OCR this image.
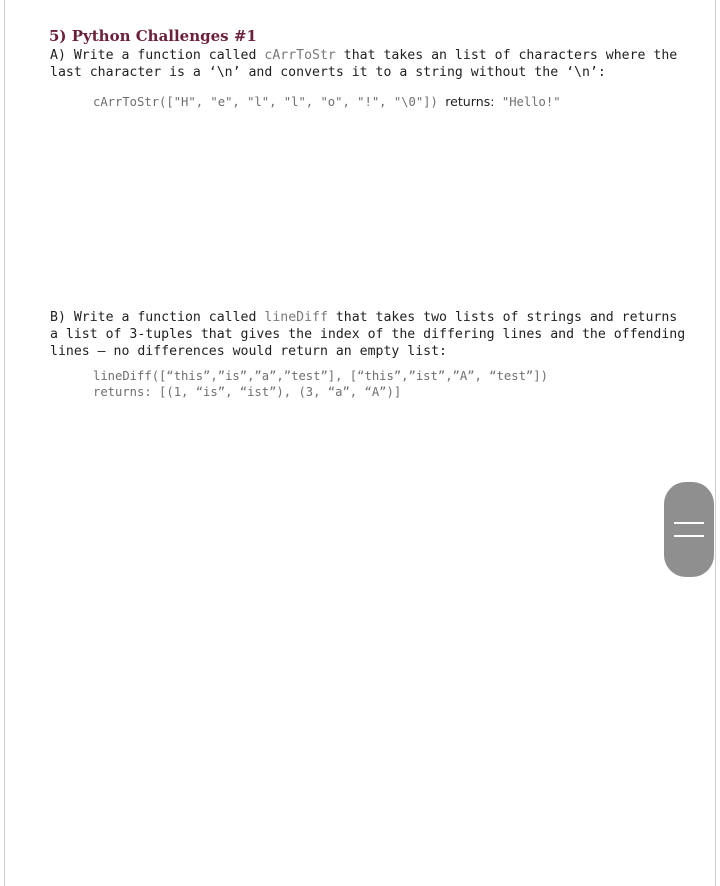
5) Python Challenges #1
A) Write a function called cArrToStr that takes an list of characters where the
last character is a ‘\n’ and converts it to a string without the ‘\n’:
cArrToStr(["H", "e", "l", "l", "o", "!", "\0"]) returns: "Hello!"
B) Write a function called lineDiff that takes two lists of strings and returns
a list of 3-tuples that gives the index of the differing lines and the offending
lines – no differences would return an empty list:
lineDiff([“this”,”is”,”a”,”test”], [“this”,”ist”,”A”, “test”])
returns: [(1, “is”, “ist”), (3, “a”, “A”)]
